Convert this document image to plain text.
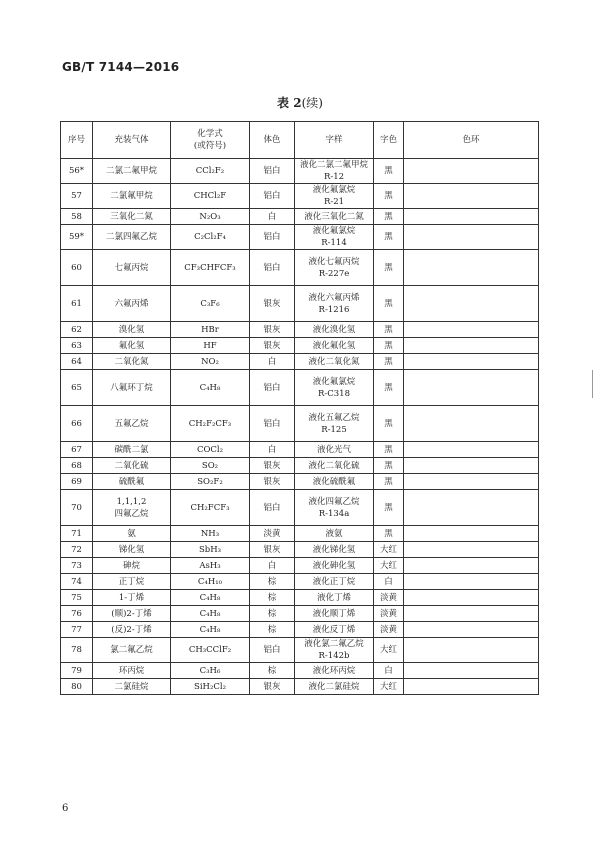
GB/T 7144—2016
表 2(续)
序号	充装气体	化学式
(或符号)	体色	字样	字色	色环

56*	二氯二氟甲烷	CCl₂F₂	铝白	液化二氯二氟甲烷
R-12	黑	

57	二氯氟甲烷	CHCl₂F	铝白	液化氟氯烷
R-21	黑	

58	三氧化二氮	N₂O₃	白	液化三氧化二氮	黑	

59*	二氯四氟乙烷	C₂Cl₂F₄	铝白	液化氟氯烷
R-114	黑	

60	七氟丙烷	CF₃CHFCF₃	铝白	液化七氟丙烷
R-227e	黑	

61	六氟丙烯	C₃F₆	银灰	液化六氟丙烯
R-1216	黑	

62	溴化氢	HBr	银灰	液化溴化氢	黑	

63	氟化氢	HF	银灰	液化氟化氢	黑	

64	二氧化氮	NO₂	白	液化二氧化氮	黑	

65	八氟环丁烷	C₄H₈	铝白	液化氟氯烷
R-C318	黑	

66	五氟乙烷	CH₂F₂CF₃	铝白	液化五氟乙烷
R-125	黑	

67	碳酰二氯	COCl₂	白	液化光气	黑	

68	二氧化硫	SO₂	银灰	液化二氧化硫	黑	

69	硫酰氟	SO₂F₂	银灰	液化硫酰氟	黑	

70	1,1,1,2
四氟乙烷	CH₂FCF₃	铝白	液化四氟乙烷
R-134a	黑	

71	氨	NH₃	淡黄	液氨	黑	

72	锑化氢	SbH₃	银灰	液化锑化氢	大红	

73	砷烷	AsH₃	白	液化砷化氢	大红	

74	正丁烷	C₄H₁₀	棕	液化正丁烷	白	

75	1-丁烯	C₄H₈	棕	液化丁烯	淡黄	

76	(顺)2-丁烯	C₄H₈	棕	液化顺丁烯	淡黄	

77	(反)2-丁烯	C₄H₈	棕	液化反丁烯	淡黄	

78	氯二氟乙烷	CH₃CClF₂	铝白	液化氯二氟乙烷
R-142b	大红	

79	环丙烷	C₃H₆	棕	液化环丙烷	白	

80	二氯硅烷	SiH₂Cl₂	银灰	液化二氯硅烷	大红	

6
